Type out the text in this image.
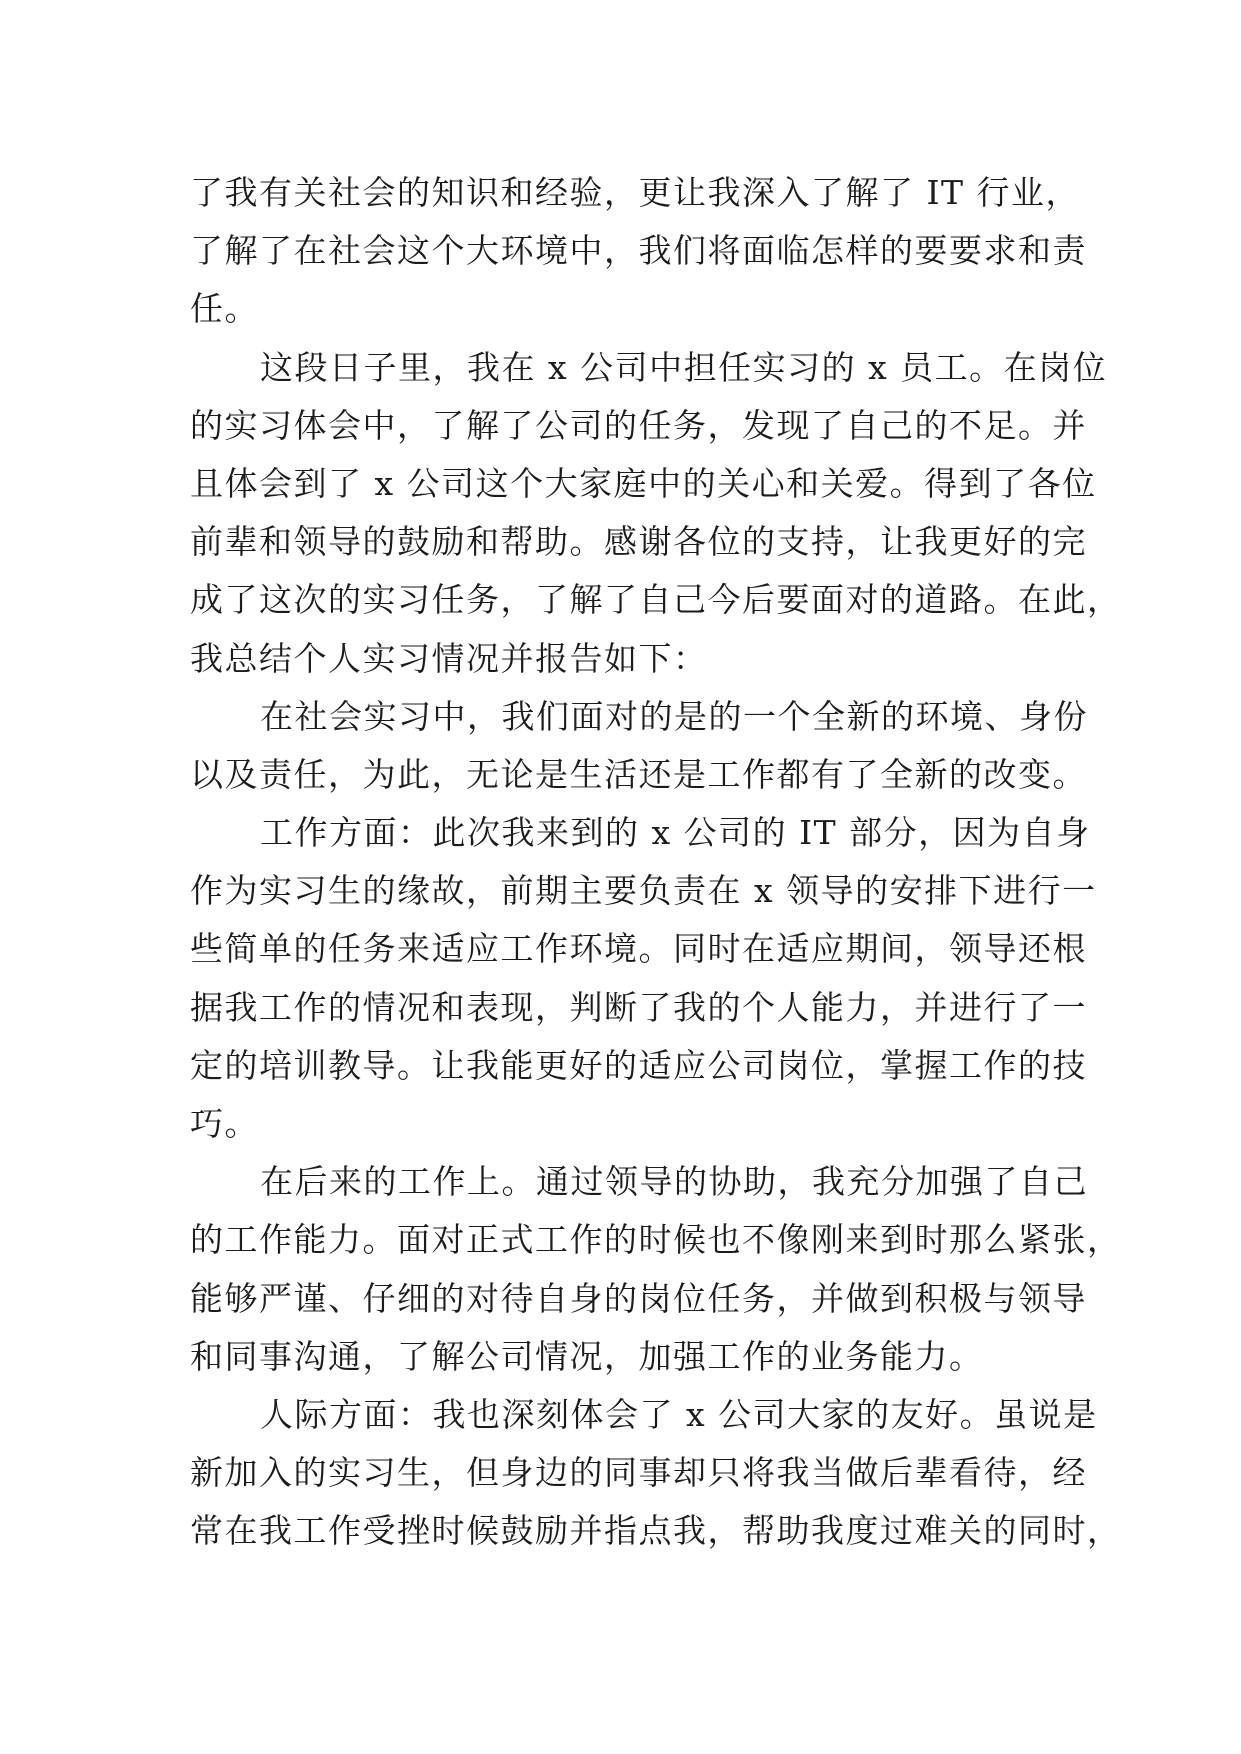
了我有关社会的知识和经验，更让我深入了解了 IT 行业，
了解了在社会这个大环境中，我们将面临怎样的要要求和责
任。
这段日子里，我在 x 公司中担任实习的 x 员工。在岗位
的实习体会中，了解了公司的任务，发现了自己的不足。并
且体会到了 x 公司这个大家庭中的关心和关爱。得到了各位
前辈和领导的鼓励和帮助。感谢各位的支持，让我更好的完
成了这次的实习任务，了解了自己今后要面对的道路。在此，
我总结个人实习情况并报告如下：
在社会实习中，我们面对的是的一个全新的环境、身份
以及责任，为此，无论是生活还是工作都有了全新的改变。
工作方面：此次我来到的 x 公司的 IT 部分，因为自身
作为实习生的缘故，前期主要负责在 x 领导的安排下进行一
些简单的任务来适应工作环境。同时在适应期间，领导还根
据我工作的情况和表现，判断了我的个人能力，并进行了一
定的培训教导。让我能更好的适应公司岗位，掌握工作的技
巧。
在后来的工作上。通过领导的协助，我充分加强了自己
的工作能力。面对正式工作的时候也不像刚来到时那么紧张，
能够严谨、仔细的对待自身的岗位任务，并做到积极与领导
和同事沟通，了解公司情况，加强工作的业务能力。
人际方面：我也深刻体会了 x 公司大家的友好。虽说是
新加入的实习生，但身边的同事却只将我当做后辈看待，经
常在我工作受挫时候鼓励并指点我，帮助我度过难关的同时，
